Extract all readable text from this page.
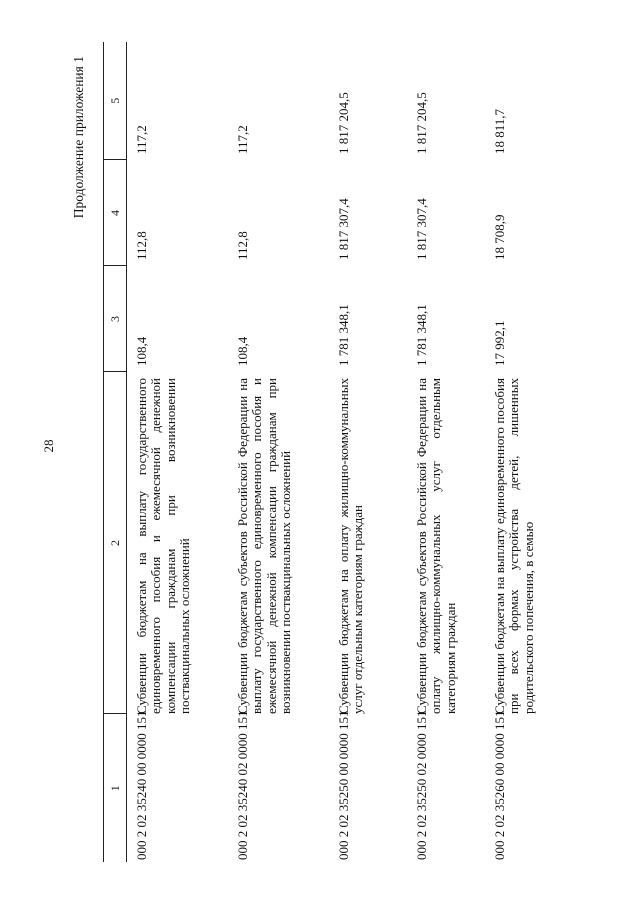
28
Продолжение приложения 1
1	2	3	4	5
000 2 02 35240 00 0000 151	Субвенции бюджетам на выплату государственного единовременного пособия и ежемесячной денежной компенсации гражданам при возникновении поствакцинальных осложнений	108,4	112,8	117,2
000 2 02 35240 02 0000 151	Субвенции бюджетам субъектов Российской Федерации на выплату государственного единовременного пособия и ежемесячной денежной компенсации гражданам при возникновении поствакцинальных осложнений	108,4	112,8	117,2
000 2 02 35250 00 0000 151	Субвенции бюджетам на оплату жилищно-коммунальных услуг отдельным категориям граждан	1 781 348,1	1 817 307,4	1 817 204,5
000 2 02 35250 02 0000 151	Субвенции бюджетам субъектов Российской Федерации на оплату жилищно-коммунальных услуг отдельным категориям граждан	1 781 348,1	1 817 307,4	1 817 204,5
000 2 02 35260 00 0000 151	Субвенции бюджетам на выплату единовременного пособия при всех формах устройства детей, лишенных родительского попечения, в семью	17 992,1	18 708,9	18 811,7
